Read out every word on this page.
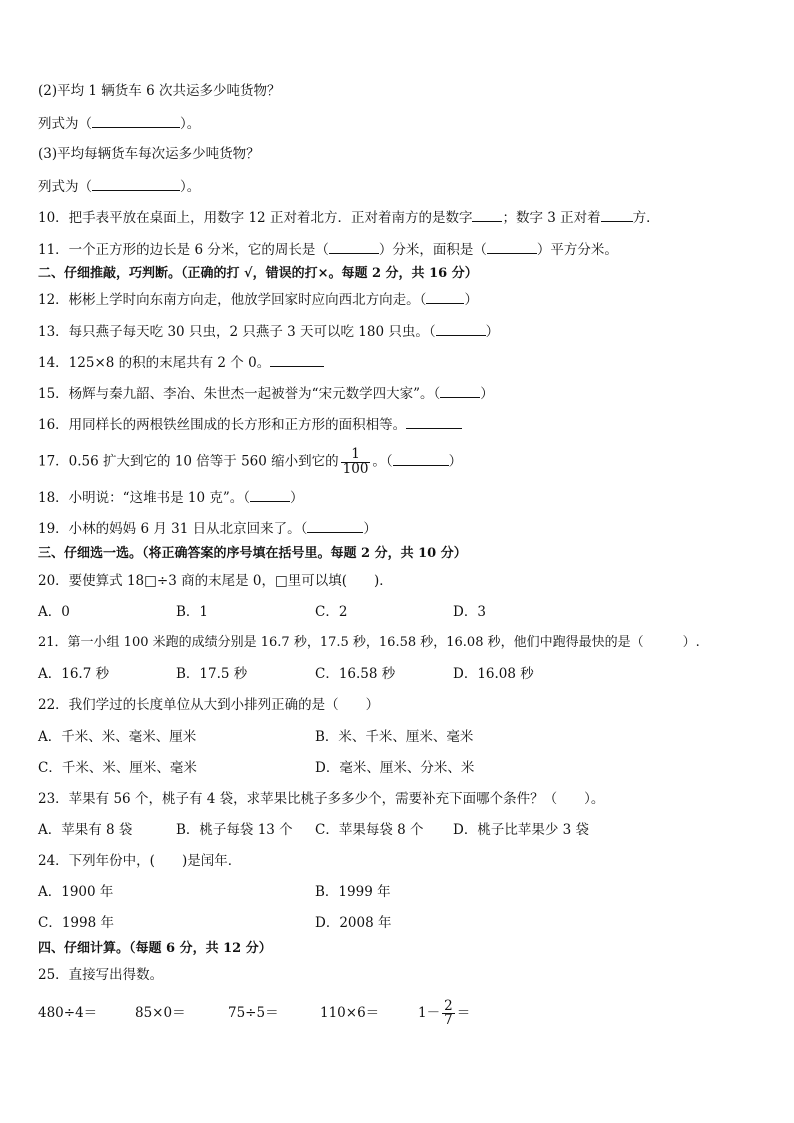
(2)平均 1 辆货车 6 次共运多少吨货物？
列式为（	）。
(3)平均每辆货车每次运多少吨货物？
列式为（	）。
10．把手表平放在桌面上，用数字 12 正对着北方．正对着南方的是数字 ；数字 3 正对着 方．
11．一个正方形的边长是 6 分米，它的周长是（	）分米，面积是（	）平方分米。
二、仔细推敲，巧判断。（正确的打 √，错误的打×。每题 2 分，共 16 分）
12．彬彬上学时向东南方向走，他放学回家时应向西北方向走。（	）
13．每只燕子每天吃 30 只虫，2 只燕子 3 天可以吃 180 只虫。（	）
14．125×8 的积的末尾共有 2 个 0。
15．杨辉与秦九韶、李冶、朱世杰一起被誉为“宋元数学四大家”。（	）
16．用同样长的两根铁丝围成的长方形和正方形的面积相等。
17．0.56 扩大到它的 10 倍等于 560 缩小到它的 $\frac{1}{100}$ 。（	）
18．小明说：“这堆书是 10 克”。（	）
19．小林的妈妈 6 月 31 日从北京回来了。（	）
三、仔细选一选。（将正确答案的序号填在括号里。每题 2 分，共 10 分）
20．要使算式 18□÷3 商的末尾是 0，□里可以填(　　)．
A．0	B．1	C．2	D．3
21．第一小组 100 米跑的成绩分别是 16.7 秒，17.5 秒，16.58 秒，16.08 秒，他们中跑得最快的是（　　　）.
A．16.7 秒	B．17.5 秒	C．16.58 秒	D．16.08 秒
22．我们学过的长度单位从大到小排列正确的是（　　）
A．千米、米、毫米、厘米	B．米、千米、厘米、毫米
C．千米、米、厘米、毫米	D．毫米、厘米、分米、米
23．苹果有 56 个，桃子有 4 袋，求苹果比桃子多多少个，需要补充下面哪个条件？（　　）。
A．苹果有 8 袋	B．桃子每袋 13 个 C．苹果每袋 8 个 D．桃子比苹果少 3 袋
24．下列年份中，(　　)是闰年．
A．1900 年	B．1999 年
C．1998 年	D．2008 年
四、仔细计算。（每题 6 分，共 12 分）
25．直接写出得数。
480÷4＝	85×0＝	75÷5＝	110×6＝	$1- \frac{2}{7}$ ＝
